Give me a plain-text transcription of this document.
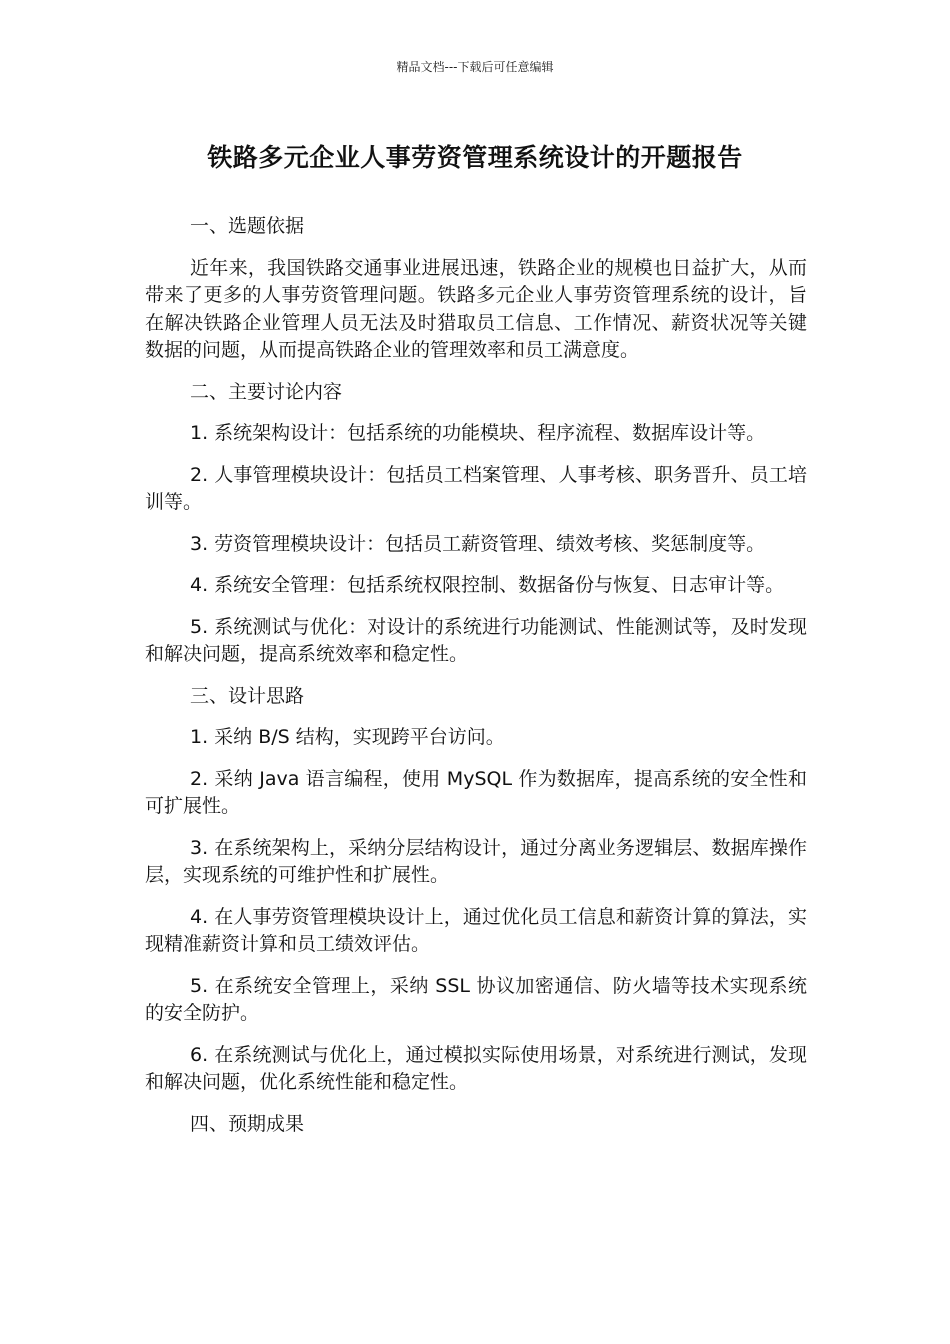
精品文档---下载后可任意编辑
铁路多元企业人事劳资管理系统设计的开题报告

一、选题依据

近年来，我国铁路交通事业进展迅速，铁路企业的规模也日益扩大，从而带来了更多的人事劳资管理问题。铁路多元企业人事劳资管理系统的设计，旨在解决铁路企业管理人员无法及时猎取员工信息、工作情况、薪资状况等关键数据的问题，从而提高铁路企业的管理效率和员工满意度。

二、主要讨论内容

1. 系统架构设计：包括系统的功能模块、程序流程、数据库设计等。

2. 人事管理模块设计：包括员工档案管理、人事考核、职务晋升、员工培训等。

3. 劳资管理模块设计：包括员工薪资管理、绩效考核、奖惩制度等。

4. 系统安全管理：包括系统权限控制、数据备份与恢复、日志审计等。

5. 系统测试与优化：对设计的系统进行功能测试、性能测试等，及时发现和解决问题，提高系统效率和稳定性。

三、设计思路

1. 采纳 B/S 结构，实现跨平台访问。

2. 采纳 Java 语言编程，使用 MySQL 作为数据库，提高系统的安全性和可扩展性。

3. 在系统架构上，采纳分层结构设计，通过分离业务逻辑层、数据库操作层，实现系统的可维护性和扩展性。

4. 在人事劳资管理模块设计上，通过优化员工信息和薪资计算的算法，实现精准薪资计算和员工绩效评估。

5. 在系统安全管理上，采纳 SSL 协议加密通信、防火墙等技术实现系统的安全防护。

6. 在系统测试与优化上，通过模拟实际使用场景，对系统进行测试，发现和解决问题，优化系统性能和稳定性。

四、预期成果
